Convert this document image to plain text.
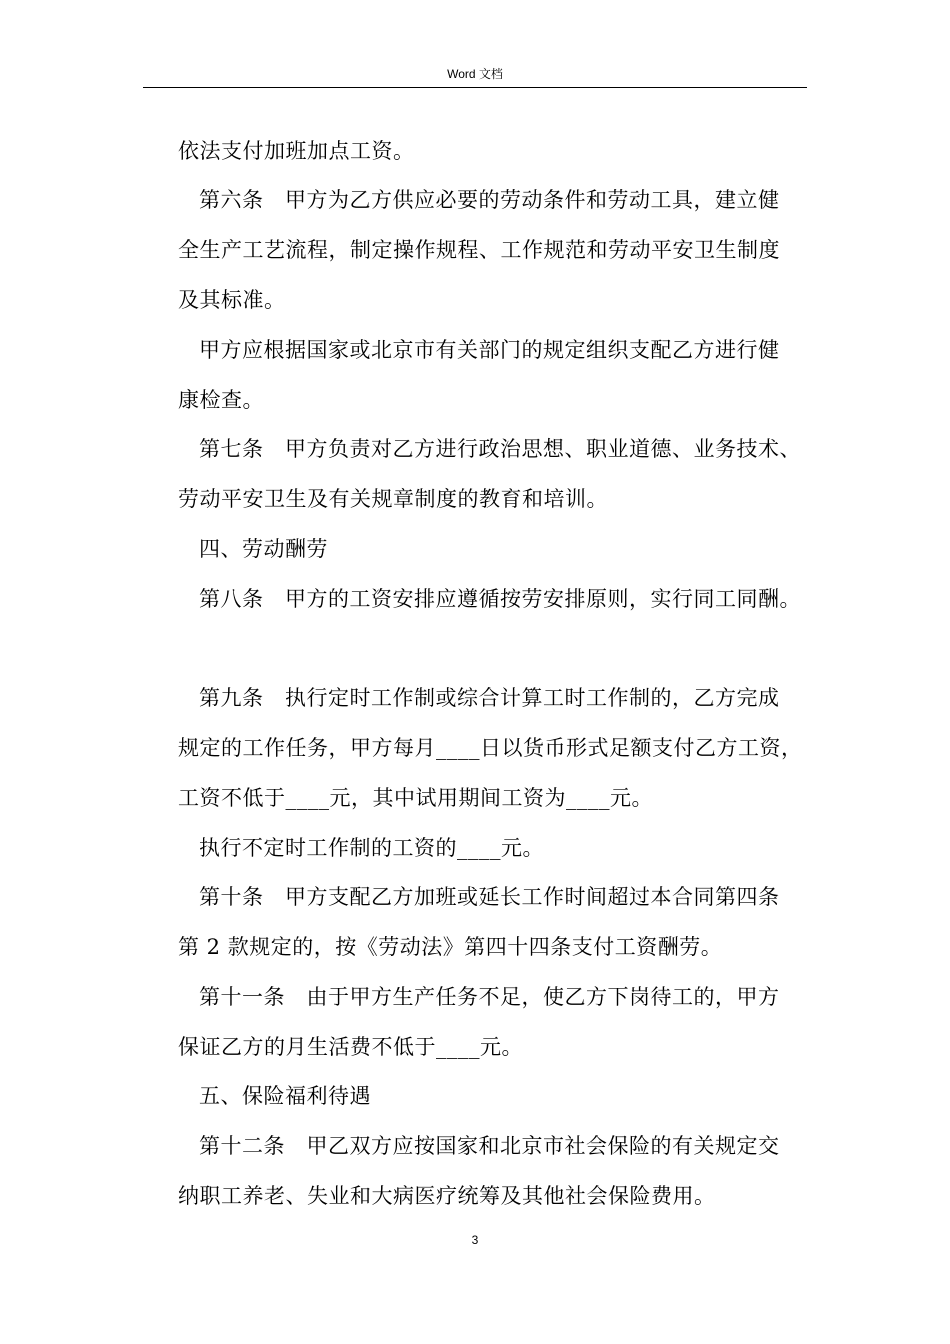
Word 文档
依法支付加班加点工资。
第六条　甲方为乙方供应必要的劳动条件和劳动工具，建立健
全生产工艺流程，制定操作规程、工作规范和劳动平安卫生制度
及其标准。
甲方应根据国家或北京市有关部门的规定组织支配乙方进行健
康检查。
第七条　甲方负责对乙方进行政治思想、职业道德、业务技术、
劳动平安卫生及有关规章制度的教育和培训。
四、劳动酬劳
第八条　甲方的工资安排应遵循按劳安排原则，实行同工同酬。
第九条　执行定时工作制或综合计算工时工作制的，乙方完成
规定的工作任务，甲方每月____日以货币形式足额支付乙方工资，
工资不低于____元，其中试用期间工资为____元。
执行不定时工作制的工资的____元。
第十条　甲方支配乙方加班或延长工作时间超过本合同第四条
第 2 款规定的，按《劳动法》第四十四条支付工资酬劳。
第十一条　由于甲方生产任务不足，使乙方下岗待工的，甲方
保证乙方的月生活费不低于____元。
五、保险福利待遇
第十二条　甲乙双方应按国家和北京市社会保险的有关规定交
纳职工养老、失业和大病医疗统筹及其他社会保险费用。
3
